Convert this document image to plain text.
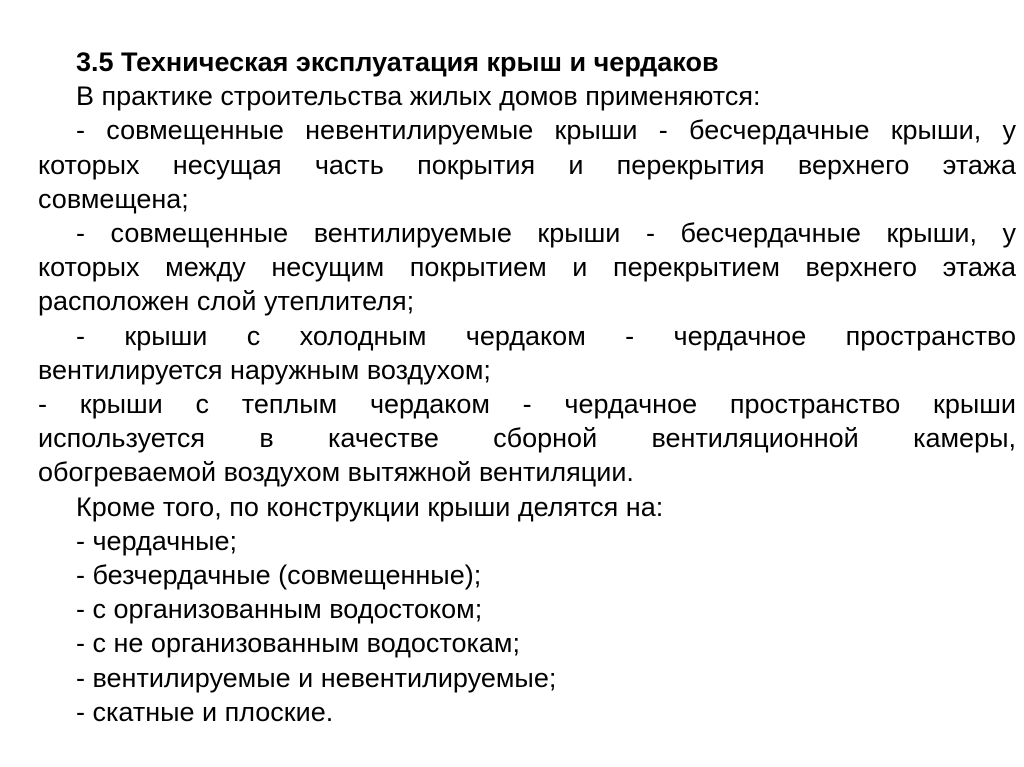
3.5 Техническая эксплуатация крыш и чердаков
В практике строительства жилых домов применяются:
- совмещенные невентилируемые крыши - бесчердачные крыши, у
которых несущая часть покрытия и перекрытия верхнего этажа
совмещена;
- совмещенные вентилируемые крыши - бесчердачные крыши, у
которых между несущим покрытием и перекрытием верхнего этажа
расположен слой утеплителя;
- крыши с холодным чердаком - чердачное пространство
вентилируется наружным воздухом;
- крыши с теплым чердаком - чердачное пространство крыши
используется в качестве сборной вентиляционной камеры,
обогреваемой воздухом вытяжной вентиляции.
Кроме того, по конструкции крыши делятся на:
- чердачные;
- безчердачные (совмещенные);
- с организованным водостоком;
- с не организованным водостокам;
- вентилируемые и невентилируемые;
- скатные и плоские.
